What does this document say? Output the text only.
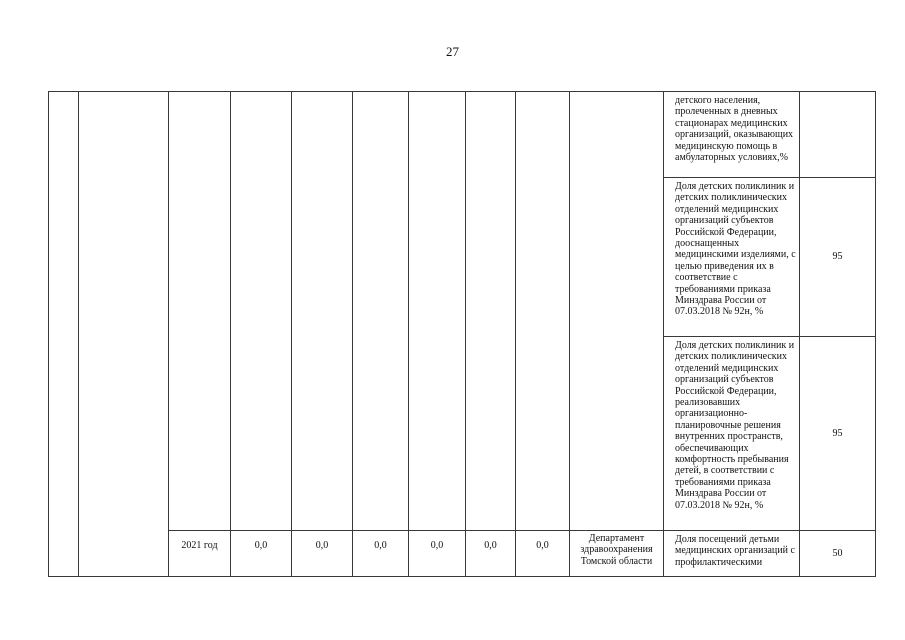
27
										детского населения, пролеченных в дневных стационарах медицинских организаций, оказывающих медицинскую помощь в амбулаторных условиях,%	
										Доля детских поликлиник и детских поликлинических отделений медицинских организаций субъектов Российской Федерации, дооснащенных медицинскими изделиями, с целью приведения их в соответствие с требованиями приказа Минздрава России от 07.03.2018 № 92н, %	95
										Доля детских поликлиник и детских поликлинических отделений медицинских организаций субъектов Российской Федерации, реализовавших организационно-планировочные решения внутренних пространств, обеспечивающих комфортность пребывания детей, в соответствии с требованиями приказа Минздрава России от 07.03.2018 № 92н, %	95
		2021 год	0,0	0,0	0,0	0,0	0,0	0,0	Департамент здравоохранения Томской области	Доля посещений детьми медицинских организаций с профилактическими	50
